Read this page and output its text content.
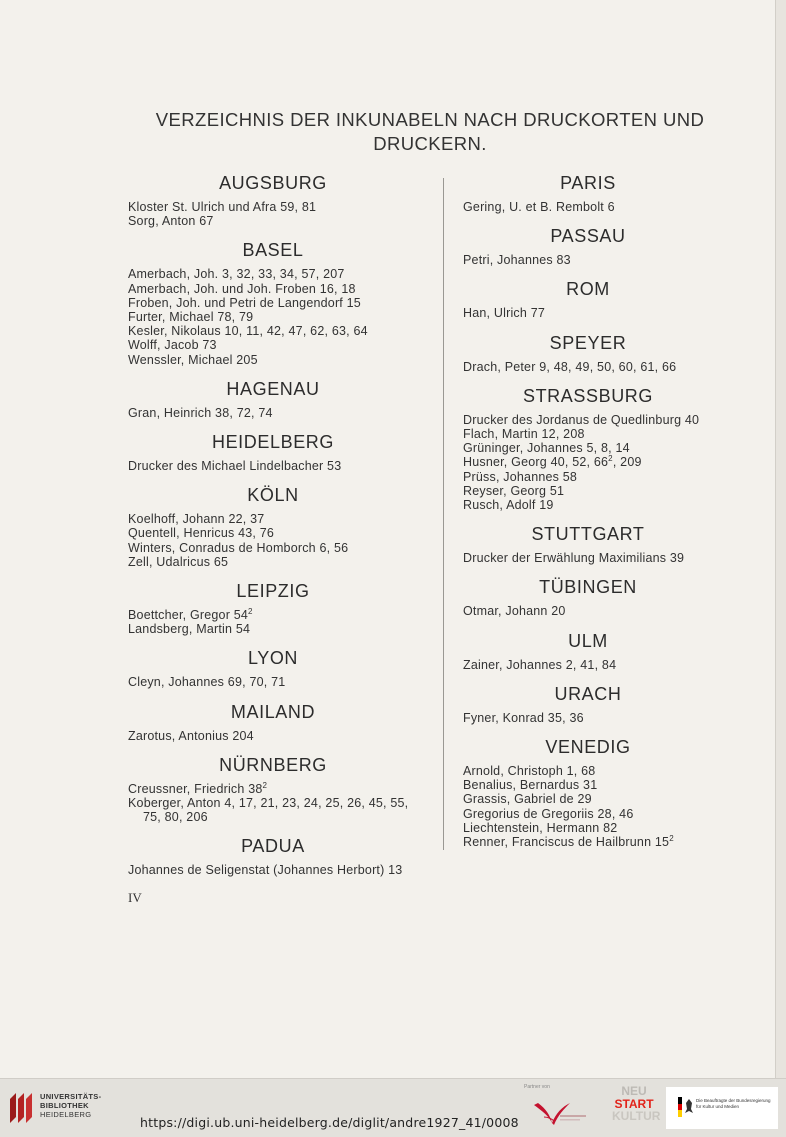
VERZEICHNIS DER INKUNABELN NACH DRUCKORTEN UND
DRUCKERN.
AUGSBURG
Kloster St. Ulrich und Afra 59, 81
Sorg, Anton 67
BASEL
Amerbach, Joh. 3, 32, 33, 34, 57, 207
Amerbach, Joh. und Joh. Froben 16, 18
Froben, Joh. und Petri de Langendorf 15
Furter, Michael 78, 79
Kesler, Nikolaus 10, 11, 42, 47, 62, 63, 64
Wolff, Jacob 73
Wenssler, Michael 205
HAGENAU
Gran, Heinrich 38, 72, 74
HEIDELBERG
Drucker des Michael Lindelbacher 53
KÖLN
Koelhoff, Johann 22, 37
Quentell, Henricus 43, 76
Winters, Conradus de Homborch 6, 56
Zell, Udalricus 65
LEIPZIG
Boettcher, Gregor $54^2$
Landsberg, Martin 54
LYON
Cleyn, Johannes 69, 70, 71
MAILAND
Zarotus, Antonius 204
NÜRNBERG
Creussner, Friedrich $38^2$
Koberger, Anton 4, 17, 21, 23, 24, 25, 26, 45, 55, 75, 80, 206
PADUA
Johannes de Seligenstat (Johannes Herbort) 13
PARIS
Gering, U. et B. Rembolt 6
PASSAU
Petri, Johannes 83
ROM
Han, Ulrich 77
SPEYER
Drach, Peter 9, 48, 49, 50, 60, 61, 66
STRASSBURG
Drucker des Jordanus de Quedlinburg 40
Flach, Martin 12, 208
Grüninger, Johannes 5, 8, 14
Husner, Georg 40, 52, $66^2$, 209
Prüss, Johannes 58
Reyser, Georg 51
Rusch, Adolf 19
STUTTGART
Drucker der Erwählung Maximilians 39
TÜBINGEN
Otmar, Johann 20
ULM
Zainer, Johannes 2, 41, 84
URACH
Fyner, Konrad 35, 36
VENEDIG
Arnold, Christoph 1, 68
Benalius, Bernardus 31
Grassis, Gabriel de 29
Gregorius de Gregoriis 28, 46
Liechtenstein, Hermann 82
Renner, Franciscus de Hailbrunn $15^2$
IV
UNIVERSITÄTS-
BIBLIOTHEK
HEIDELBERG
https://digi.ub.uni-heidelberg.de/diglit/andre1927_41/0008
Partner von	NEU
START
KULTUR
Die Beauftragte der Bundesregierung für Kultur und Medien
